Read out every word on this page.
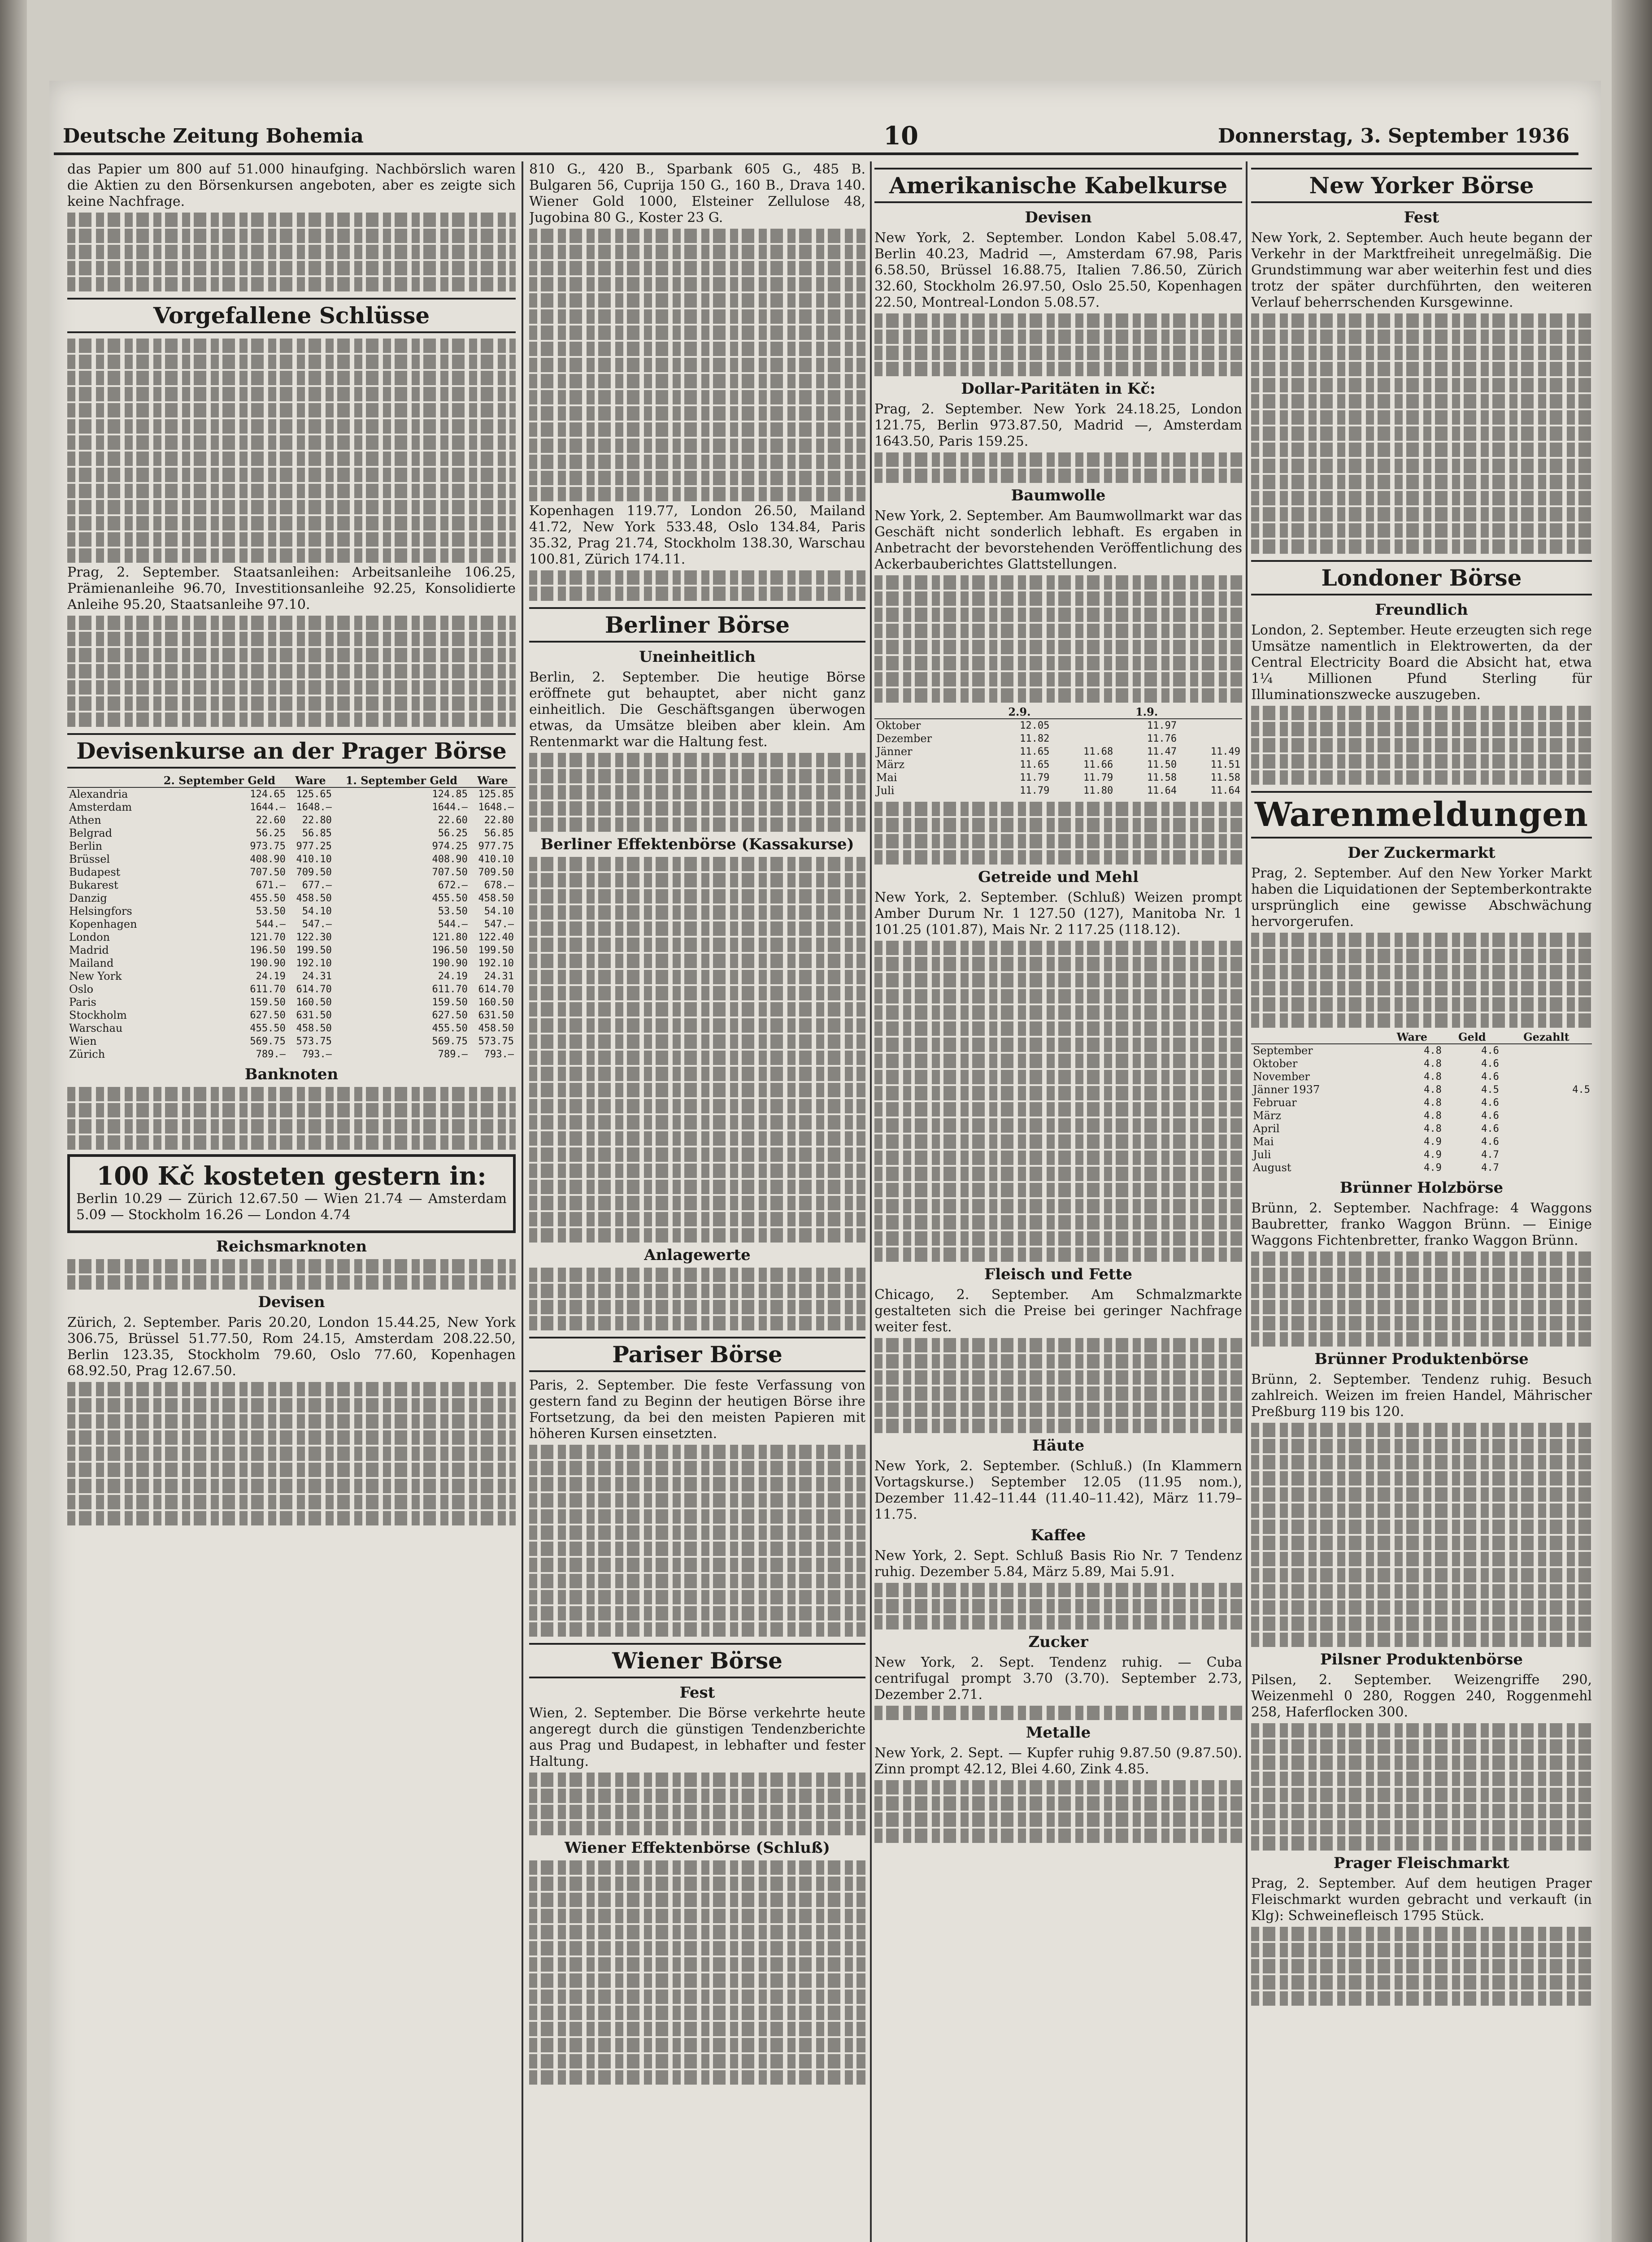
Deutsche Zeitung Bohemia	10	Donnerstag, 3. September 1936

das Papier um 800 auf 51.000 hinaufging. Nachbörslich waren die Aktien zu den Börsenkursen angeboten, aber es zeigte sich keine Nachfrage.

Vorgefallene Schlüsse

Prag, 2. September. Staatsanleihen: Arbeitsanleihe 106.25, Prämienanleihe 96.70, Investitionsanleihe 92.25, Konsolidierte Anleihe 95.20, Staatsanleihe 97.10.

Devisenkurse an der Prager Börse
	2. September Geld	Ware	1. September Geld	Ware
Alexandria	124.65	125.65	124.85	125.85
Amsterdam	1644.—	1648.—	1644.—	1648.—
Athen	22.60	22.80	22.60	22.80
Belgrad	56.25	56.85	56.25	56.85
Berlin	973.75	977.25	974.25	977.75
Brüssel	408.90	410.10	408.90	410.10
Budapest	707.50	709.50	707.50	709.50
Bukarest	671.—	677.—	672.—	678.—
Danzig	455.50	458.50	455.50	458.50
Helsingfors	53.50	54.10	53.50	54.10
Kopenhagen	544.—	547.—	544.—	547.—
London	121.70	122.30	121.80	122.40
Madrid	196.50	199.50	196.50	199.50
Mailand	190.90	192.10	190.90	192.10
New York	24.19	24.31	24.19	24.31
Oslo	611.70	614.70	611.70	614.70
Paris	159.50	160.50	159.50	160.50
Stockholm	627.50	631.50	627.50	631.50
Warschau	455.50	458.50	455.50	458.50
Wien	569.75	573.75	569.75	573.75
Zürich	789.—	793.—	789.—	793.—
Banknoten
100 Kč kosteten gestern in:

Berlin 10.29 — Zürich 12.67.50 — Wien 21.74 — Amsterdam 5.09 — Stockholm 16.26 — London 4.74

Reichsmarknoten
Devisen

Zürich, 2. September. Paris 20.20, London 15.44.25, New York 306.75, Brüssel 51.77.50, Rom 24.15, Amsterdam 208.22.50, Berlin 123.35, Stockholm 79.60, Oslo 77.60, Kopenhagen 68.92.50, Prag 12.67.50.

810 G., 420 B., Sparbank 605 G., 485 B. Bulgaren 56, Cuprija 150 G., 160 B., Drava 140. Wiener Gold 1000, Elsteiner Zellulose 48, Jugobina 80 G., Koster 23 G.

Kopenhagen 119.77, London 26.50, Mailand 41.72, New York 533.48, Oslo 134.84, Paris 35.32, Prag 21.74, Stockholm 138.30, Warschau 100.81, Zürich 174.11.

Berliner Börse
Uneinheitlich

Berlin, 2. September. Die heutige Börse eröffnete gut behauptet, aber nicht ganz einheitlich. Die Geschäftsgangen überwogen etwas, da Umsätze bleiben aber klein. Am Rentenmarkt war die Haltung fest.

Berliner Effektenbörse (Kassakurse)
Anlagewerte
Pariser Börse

Paris, 2. September. Die feste Verfassung von gestern fand zu Beginn der heutigen Börse ihre Fortsetzung, da bei den meisten Papieren mit höheren Kursen einsetzten.

Wiener Börse
Fest

Wien, 2. September. Die Börse verkehrte heute angeregt durch die günstigen Tendenzberichte aus Prag und Budapest, in lebhafter und fester Haltung.

Wiener Effektenbörse (Schluß)
Amerikanische Kabelkurse
Devisen

New York, 2. September. London Kabel 5.08.47, Berlin 40.23, Madrid —, Amsterdam 67.98, Paris 6.58.50, Brüssel 16.88.75, Italien 7.86.50, Zürich 32.60, Stockholm 26.97.50, Oslo 25.50, Kopenhagen 22.50, Montreal-London 5.08.57.

Dollar-Paritäten in Kč:

Prag, 2. September. New York 24.18.25, London 121.75, Berlin 973.87.50, Madrid —, Amsterdam 1643.50, Paris 159.25.

Baumwolle

New York, 2. September. Am Baumwollmarkt war das Geschäft nicht sonderlich lebhaft. Es ergaben in Anbetracht der bevorstehenden Veröffentlichung des Ackerbauberichtes Glattstellungen.

	2.9.		1.9.	
Oktober	12.05		11.97	
Dezember	11.82		11.76	
Jänner	11.65	11.68	11.47	11.49
März	11.65	11.66	11.50	11.51
Mai	11.79	11.79	11.58	11.58
Juli	11.79	11.80	11.64	11.64
Getreide und Mehl

New York, 2. September. (Schluß) Weizen prompt Amber Durum Nr. 1 127.50 (127), Manitoba Nr. 1 101.25 (101.87), Mais Nr. 2 117.25 (118.12).

Fleisch und Fette

Chicago, 2. September. Am Schmalzmarkte gestalteten sich die Preise bei geringer Nachfrage weiter fest.

Häute

New York, 2. September. (Schluß.) (In Klammern Vortagskurse.) September 12.05 (11.95 nom.), Dezember 11.42–11.44 (11.40–11.42), März 11.79–11.75.

Kaffee

New York, 2. Sept. Schluß Basis Rio Nr. 7 Tendenz ruhig. Dezember 5.84, März 5.89, Mai 5.91.

Zucker

New York, 2. Sept. Tendenz ruhig. — Cuba centrifugal prompt 3.70 (3.70). September 2.73, Dezember 2.71.

Metalle

New York, 2. Sept. — Kupfer ruhig 9.87.50 (9.87.50). Zinn prompt 42.12, Blei 4.60, Zink 4.85.

New Yorker Börse
Fest

New York, 2. September. Auch heute begann der Verkehr in der Marktfreiheit unregelmäßig. Die Grundstimmung war aber weiterhin fest und dies trotz der später durchführten, den weiteren Verlauf beherrschenden Kursgewinne.

Londoner Börse
Freundlich

London, 2. September. Heute erzeugten sich rege Umsätze namentlich in Elektrowerten, da der Central Electricity Board die Absicht hat, etwa 1¼ Millionen Pfund Sterling für Illuminationszwecke auszugeben.

Warenmeldungen
Der Zuckermarkt

Prag, 2. September. Auf den New Yorker Markt haben die Liquidationen der Septemberkontrakte ursprünglich eine gewisse Abschwächung hervorgerufen.

	Ware	Geld	Gezahlt
September	4.8	4.6	
Oktober	4.8	4.6	
November	4.8	4.6	
Jänner 1937	4.8	4.5	4.5
Februar	4.8	4.6	
März	4.8	4.6	
April	4.8	4.6	
Mai	4.9	4.6	
Juli	4.9	4.7	
August	4.9	4.7	
Brünner Holzbörse

Brünn, 2. September. Nachfrage: 4 Waggons Baubretter, franko Waggon Brünn. — Einige Waggons Fichtenbretter, franko Waggon Brünn.

Brünner Produktenbörse

Brünn, 2. September. Tendenz ruhig. Besuch zahlreich. Weizen im freien Handel, Mährischer Preßburg 119 bis 120.

Pilsner Produktenbörse

Pilsen, 2. September. Weizengriffe 290, Weizenmehl 0 280, Roggen 240, Roggenmehl 258, Haferflocken 300.

Prager Fleischmarkt

Prag, 2. September. Auf dem heutigen Prager Fleischmarkt wurden gebracht und verkauft (in Klg): Schweinefleisch 1795 Stück.
